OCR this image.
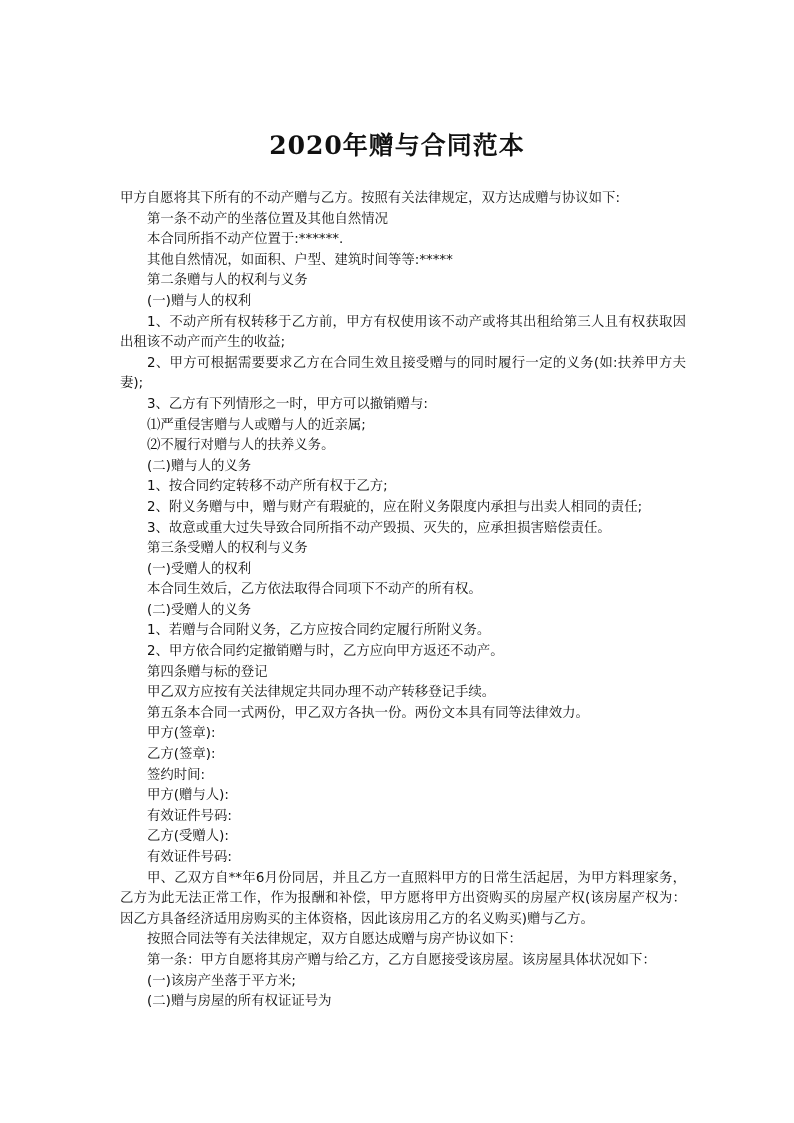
2020年赠与合同范本

甲方自愿将其下所有的不动产赠与乙方。按照有关法律规定，双方达成赠与协议如下:

第一条不动产的坐落位置及其他自然情况

本合同所指不动产位置于:******.

其他自然情况，如面积、户型、建筑时间等等:*****

第二条赠与人的权利与义务

(一)赠与人的权利

1、不动产所有权转移于乙方前，甲方有权使用该不动产或将其出租给第三人且有权获取因出租该不动产而产生的收益;

2、甲方可根据需要要求乙方在合同生效且接受赠与的同时履行一定的义务(如:扶养甲方夫妻);

3、乙方有下列情形之一时，甲方可以撤销赠与:

⑴严重侵害赠与人或赠与人的近亲属;

⑵不履行对赠与人的扶养义务。

(二)赠与人的义务

1、按合同约定转移不动产所有权于乙方;

2、附义务赠与中，赠与财产有瑕疵的，应在附义务限度内承担与出卖人相同的责任;

3、故意或重大过失导致合同所指不动产毁损、灭失的，应承担损害赔偿责任。

第三条受赠人的权利与义务

(一)受赠人的权利

本合同生效后，乙方依法取得合同项下不动产的所有权。

(二)受赠人的义务

1、若赠与合同附义务，乙方应按合同约定履行所附义务。

2、甲方依合同约定撤销赠与时，乙方应向甲方返还不动产。

第四条赠与标的登记

甲乙双方应按有关法律规定共同办理不动产转移登记手续。

第五条本合同一式两份，甲乙双方各执一份。两份文本具有同等法律效力。

甲方(签章):

乙方(签章):

签约时间:

甲方(赠与人):

有效证件号码:

乙方(受赠人):

有效证件号码:

甲、乙双方自**年6月份同居，并且乙方一直照料甲方的日常生活起居，为甲方料理家务，乙方为此无法正常工作，作为报酬和补偿，甲方愿将甲方出资购买的房屋产权(该房屋产权为：因乙方具备经济适用房购买的主体资格，因此该房用乙方的名义购买)赠与乙方。

按照合同法等有关法律规定，双方自愿达成赠与房产协议如下：

第一条：甲方自愿将其房产赠与给乙方，乙方自愿接受该房屋。该房屋具体状况如下：

(一)该房产坐落于平方米;

(二)赠与房屋的所有权证证号为
